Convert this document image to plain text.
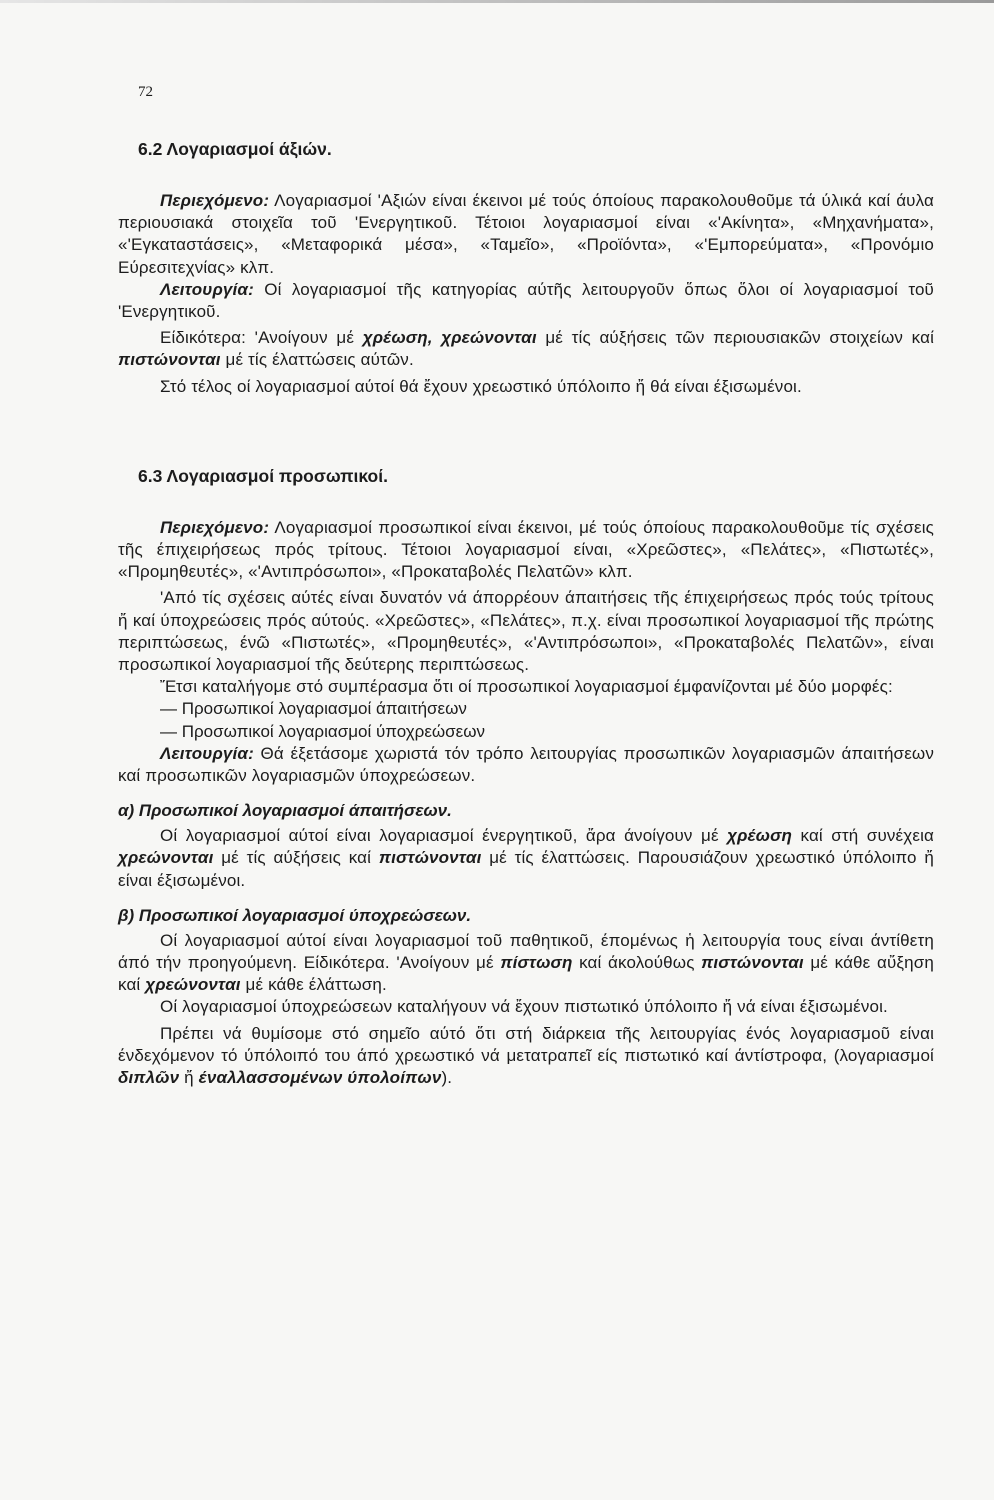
72
6.2 Λογαριασμοί άξιών.

Περιεχόμενο: Λογαριασμοί 'Αξιών είναι έκεινοι μέ τούς όποίους παρακολουθοῦμε τά ύλικά καί άυλα περιουσιακά στοιχεῖα τοῦ 'Ενεργητικοῦ. Τέτοιοι λογαριασμοί είναι «'Ακίνητα», «Μηχανήματα», «'Εγκαταστάσεις», «Μεταφορικά μέσα», «Ταμεῖο», «Προϊόντα», «'Εμπορεύματα», «Προνόμιο Εύρεσιτεχνίας» κλπ.

Λειτουργία: Οί λογαριασμοί τῆς κατηγορίας αύτῆς λειτουργοῦν ὅπως ὅλοι οί λογαριασμοί τοῦ 'Ενεργητικοῦ.

Είδικότερα: 'Ανοίγουν μέ χρέωση, χρεώνονται μέ τίς αύξήσεις τῶν περιουσιακῶν στοιχείων καί πιστώνονται μέ τίς έλαττώσεις αύτῶν.

Στό τέλος οί λογαριασμοί αύτοί θά ἔχουν χρεωστικό ύπόλοιπο ἤ θά είναι έξισωμένοι.

6.3 Λογαριασμοί προσωπικοί.

Περιεχόμενο: Λογαριασμοί προσωπικοί είναι έκεινοι, μέ τούς όποίους παρακολουθοῦμε τίς σχέσεις τῆς έπιχειρήσεως πρός τρίτους. Τέτοιοι λογαριασμοί είναι, «Χρεῶστες», «Πελάτες», «Πιστωτές», «Προμηθευτές», «'Αντιπρόσωποι», «Προκαταβολές Πελατῶν» κλπ.

'Από τίς σχέσεις αύτές είναι δυνατόν νά άπορρέουν άπαιτήσεις τῆς έπιχειρήσεως πρός τούς τρίτους ἤ καί ύποχρεώσεις πρός αύτούς. «Χρεῶστες», «Πελάτες», π.χ. είναι προσωπικοί λογαριασμοί τῆς πρώτης περιπτώσεως, ένῶ «Πιστωτές», «Προμηθευτές», «'Αντιπρόσωποι», «Προκαταβολές Πελατῶν», είναι προσωπικοί λογαριασμοί τῆς δεύτερης περιπτώσεως.

Ἔτσι καταλήγομε στό συμπέρασμα ὅτι οί προσωπικοί λογαριασμοί έμφανίζονται μέ δύο μορφές:

— Προσωπικοί λογαριασμοί άπαιτήσεων
— Προσωπικοί λογαριασμοί ύποχρεώσεων

Λειτουργία: Θά έξετάσομε χωριστά τόν τρόπο λειτουργίας προσωπικῶν λογαριασμῶν άπαιτήσεων καί προσωπικῶν λογαριασμῶν ύποχρεώσεων.

α) Προσωπικοί λογαριασμοί άπαιτήσεων.

Οί λογαριασμοί αύτοί είναι λογαριασμοί ένεργητικοῦ, ἄρα άνοίγουν μέ χρέωση καί στή συνέχεια χρεώνονται μέ τίς αύξήσεις καί πιστώνονται μέ τίς έλαττώσεις. Παρουσιάζουν χρεωστικό ύπόλοιπο ἤ είναι έξισωμένοι.

β) Προσωπικοί λογαριασμοί ύποχρεώσεων.

Οί λογαριασμοί αύτοί είναι λογαριασμοί τοῦ παθητικοῦ, έπομένως ἡ λειτουργία τους είναι άντίθετη άπό τήν προηγούμενη. Είδικότερα. 'Ανοίγουν μέ πίστωση καί άκολούθως πιστώνονται μέ κάθε αὔξηση καί χρεώνονται μέ κάθε έλάττωση.

Οί λογαριασμοί ύποχρεώσεων καταλήγουν νά ἔχουν πιστωτικό ύπόλοιπο ἤ νά είναι έξισωμένοι.

Πρέπει νά θυμίσομε στό σημεῖο αύτό ὅτι στή διάρκεια τῆς λειτουργίας ένός λογαριασμοῦ είναι ένδεχόμενον τό ύπόλοιπό του άπό χρεωστικό νά μετατραπεῖ είς πιστωτικό καί άντίστροφα, (λογαριασμοί διπλῶν ἤ έναλλασσομένων ύπολοίπων).
